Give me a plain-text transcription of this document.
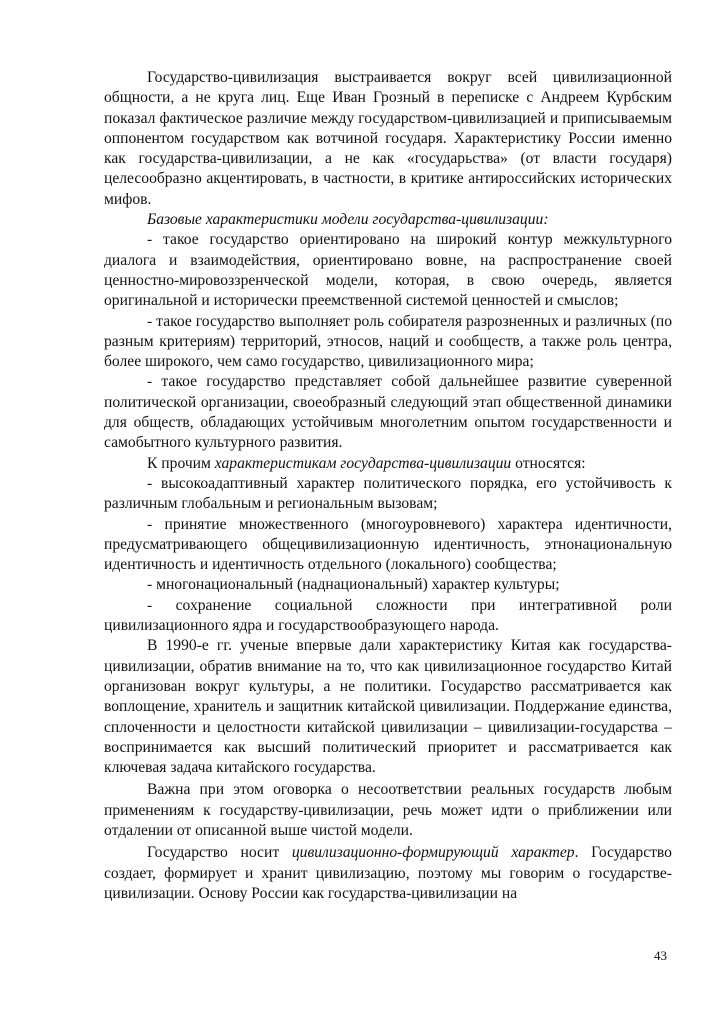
Государство-цивилизация выстраивается вокруг всей цивилизационной общности, а не круга лиц. Еще Иван Грозный в переписке с Андреем Курбским показал фактическое различие между государством-цивилизацией и приписываемым оппонентом государством как вотчиной государя. Характеристику России именно как государства-цивилизации, а не как «государьства» (от власти государя) целесообразно акцентировать, в частности, в критике антироссийских исторических мифов.

Базовые характеристики модели государства-цивилизации:

- такое государство ориентировано на широкий контур межкультурного диалога и взаимодействия, ориентировано вовне, на распространение своей ценностно-мировоззренческой модели, которая, в свою очередь, является оригинальной и исторически преемственной системой ценностей и смыслов;

- такое государство выполняет роль собирателя разрозненных и различных (по разным критериям) территорий, этносов, наций и сообществ, а также роль центра, более широкого, чем само государство, цивилизационного мира;

- такое государство представляет собой дальнейшее развитие суверенной политической организации, своеобразный следующий этап общественной динамики для обществ, обладающих устойчивым многолетним опытом государственности и самобытного культурного развития.

К прочим характеристикам государства-цивилизации относятся:

- высокоадаптивный характер политического порядка, его устойчивость к различным глобальным и региональным вызовам;

- принятие множественного (многоуровневого) характера идентичности, предусматривающего общецивилизационную идентичность, этнонациональную идентичность и идентичность отдельного (локального) сообщества;

- многонациональный (наднациональный) характер культуры;

- сохранение социальной сложности при интегративной роли цивилизационного ядра и государствообразующего народа.

В 1990-е гг. ученые впервые дали характеристику Китая как государства-цивилизации, обратив внимание на то, что как цивилизационное государство Китай организован вокруг культуры, а не политики. Государство рассматривается как воплощение, хранитель и защитник китайской цивилизации. Поддержание единства, сплоченности и целостности китайской цивилизации – цивилизации-государства – воспринимается как высший политический приоритет и рассматривается как ключевая задача китайского государства.

Важна при этом оговорка о несоответствии реальных государств любым применениям к государству-цивилизации, речь может идти о приближении или отдалении от описанной выше чистой модели.

Государство носит цивилизационно-формирующий характер. Государство создает, формирует и хранит цивилизацию, поэтому мы говорим о государстве-цивилизации. Основу России как государства-цивилизации на

43
